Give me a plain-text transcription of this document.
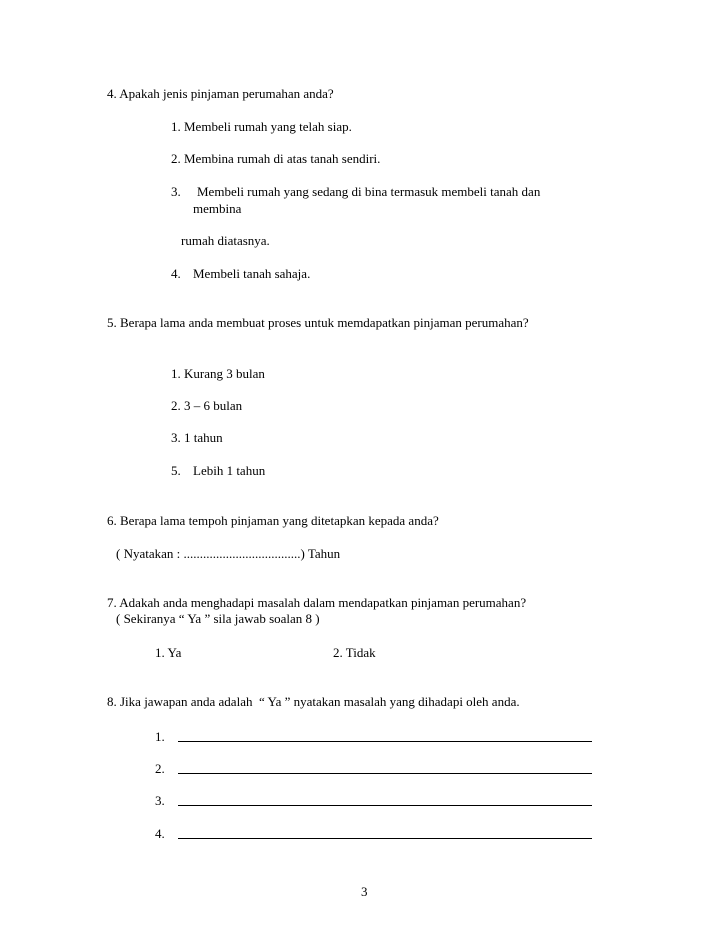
4. Apakah jenis pinjaman perumahan anda?
1. Membeli rumah yang telah siap.
2. Membina rumah di atas tanah sendiri.
3. Membeli rumah yang sedang di bina termasuk membeli tanah dan
membina
rumah diatasnya.
4. Membeli tanah sahaja.
5. Berapa lama anda membuat proses untuk memdapatkan pinjaman perumahan?
1. Kurang 3 bulan
2. 3 – 6 bulan
3. 1 tahun
5. Lebih 1 tahun
6. Berapa lama tempoh pinjaman yang ditetapkan kepada anda?
( Nyatakan : ....................................) Tahun
7. Adakah anda menghadapi masalah dalam mendapatkan pinjaman perumahan?
( Sekiranya “ Ya ” sila jawab soalan 8 )
1. Ya	2. Tidak
8. Jika jawapan anda adalah  “ Ya ” nyatakan masalah yang dihadapi oleh anda.
1.
2.
3.
4.
3
